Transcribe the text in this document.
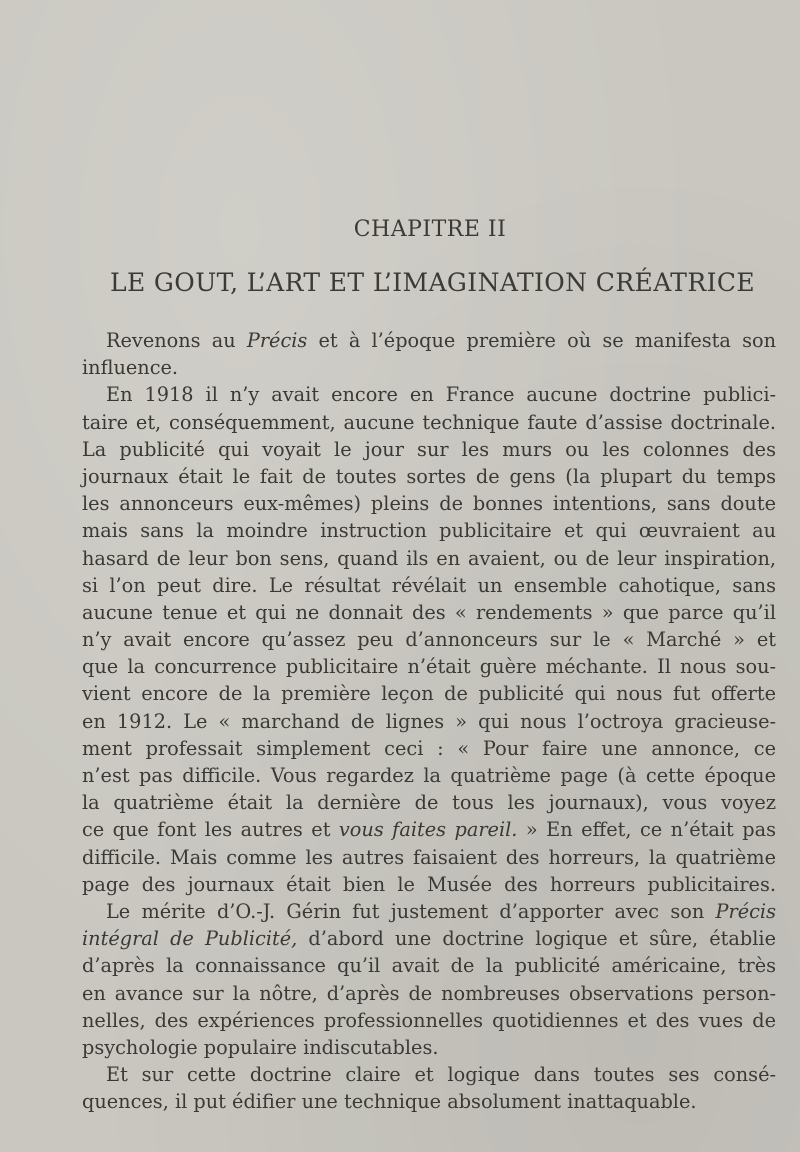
CHAPITRE II
LE GOUT, L’ART ET L’IMAGINATION CRÉATRICE
Revenons au Précis et à l’époque première où se manifesta son
influence.
En 1918 il n’y avait encore en France aucune doctrine publici-
taire et, conséquemment, aucune technique faute d’assise doctrinale.
La publicité qui voyait le jour sur les murs ou les colonnes des
journaux était le fait de toutes sortes de gens (la plupart du temps
les annonceurs eux-mêmes) pleins de bonnes intentions, sans doute
mais sans la moindre instruction publicitaire et qui œuvraient au
hasard de leur bon sens, quand ils en avaient, ou de leur inspiration,
si l’on peut dire. Le résultat révélait un ensemble cahotique, sans
aucune tenue et qui ne donnait des « rendements » que parce qu’il
n’y avait encore qu’assez peu d’annonceurs sur le « Marché » et
que la concurrence publicitaire n’était guère méchante. Il nous sou-
vient encore de la première leçon de publicité qui nous fut offerte
en 1912. Le « marchand de lignes » qui nous l’octroya gracieuse-
ment professait simplement ceci : « Pour faire une annonce, ce
n’est pas difficile. Vous regardez la quatrième page (à cette époque
la quatrième était la dernière de tous les journaux), vous voyez
ce que font les autres et vous faites pareil. » En effet, ce n’était pas
difficile. Mais comme les autres faisaient des horreurs, la quatrième
page des journaux était bien le Musée des horreurs publicitaires.
Le mérite d’O.-J. Gérin fut justement d’apporter avec son Précis
intégral de Publicité, d’abord une doctrine logique et sûre, établie
d’après la connaissance qu’il avait de la publicité américaine, très
en avance sur la nôtre, d’après de nombreuses observations person-
nelles, des expériences professionnelles quotidiennes et des vues de
psychologie populaire indiscutables.
Et sur cette doctrine claire et logique dans toutes ses consé-
quences, il put édifier une technique absolument inattaquable.
